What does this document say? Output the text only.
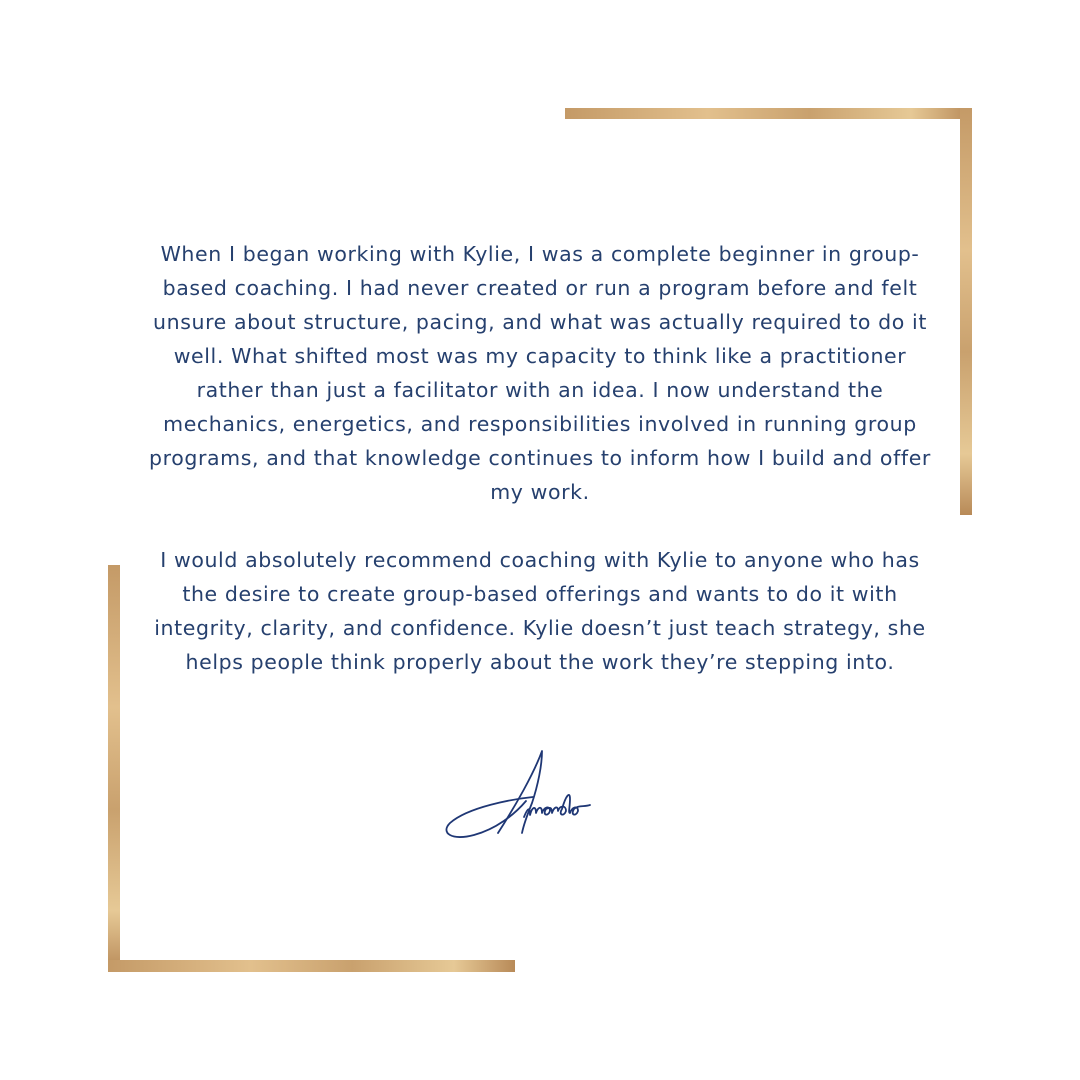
When I began working with Kylie, I was a complete beginner in group-based coaching. I had never created or run a program before and felt unsure about structure, pacing, and what was actually required to do it well. What shifted most was my capacity to think like a practitioner rather than just a facilitator with an idea. I now understand the mechanics, energetics, and responsibilities involved in running group programs, and that knowledge continues to inform how I build and offer my work.

I would absolutely recommend coaching with Kylie to anyone who has the desire to create group-based offerings and wants to do it with integrity, clarity, and confidence. Kylie doesn’t just teach strategy, she helps people think properly about the work they’re stepping into.
